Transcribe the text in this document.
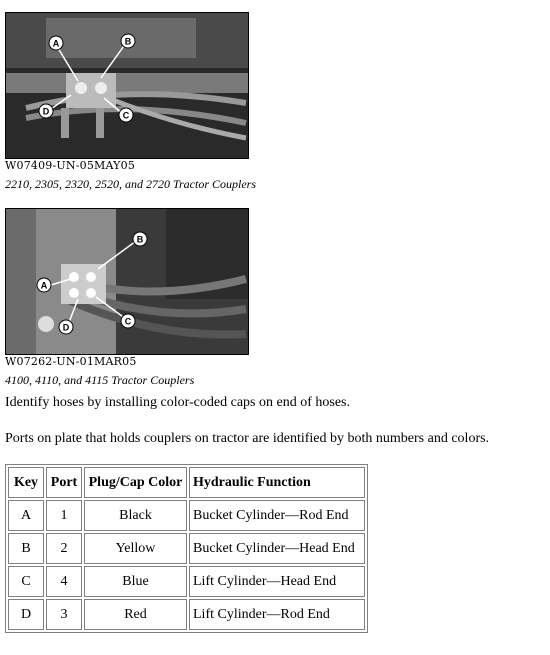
A	B
C
D
W07409-UN-05MAY05
2210, 2305, 2320, 2520, and 2720 Tractor Couplers
A
B
C
D
W07262-UN-01MAR05
4100, 4110, and 4115 Tractor Couplers
Identify hoses by installing color-coded caps on end of hoses.
Ports on plate that holds couplers on tractor are identified by both numbers and colors.
Key	Port	Plug/Cap Color	Hydraulic Function
A	1	Black	Bucket Cylinder—Rod End
B	2	Yellow	Bucket Cylinder—Head End
C	4	Blue	Lift Cylinder—Head End
D	3	Red	Lift Cylinder—Rod End
